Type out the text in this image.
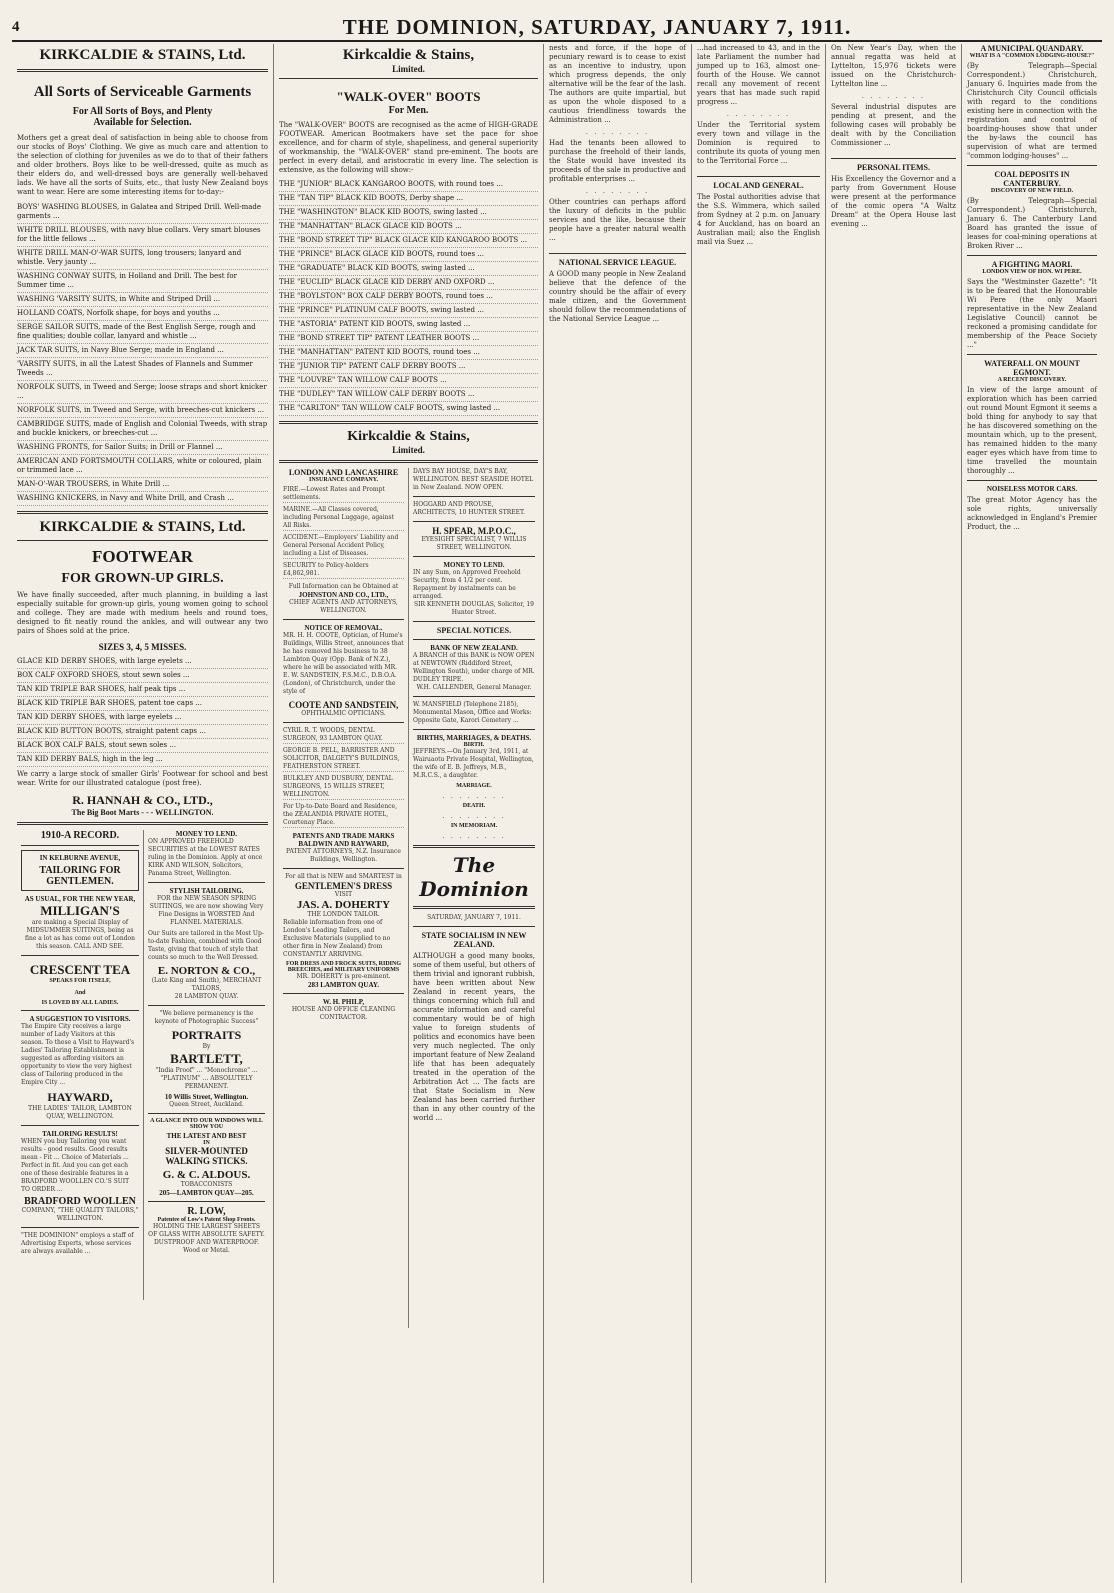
4	THE DOMINION, SATURDAY, JANUARY 7, 1911.
KIRKCALDIE & STAINS, Ltd.
All Sorts of Serviceable Garments
For All Sorts of Boys, and Plenty
Available for Selection.
Mothers get a great deal of satisfaction in being able to choose from our stocks of Boys' Clothing. We give as much care and attention to the selection of clothing for juveniles as we do to that of their fathers and older brothers. Boys like to be well-dressed, quite as much as their elders do, and well-dressed boys are generally well-behaved lads. We have all the sorts of Suits, etc., that lusty New Zealand boys want to wear. Here are some interesting items for to-day:-
BOYS' WASHING BLOUSES, in Galatea and Striped Drill. Well-made garments ...
WHITE DRILL BLOUSES, with navy blue collars. Very smart blouses for the little fellows ...
WHITE DRILL MAN-O'-WAR SUITS, long trousers; lanyard and whistle. Very jaunty ...
WASHING CONWAY SUITS, in Holland and Drill. The best for Summer time ...
WASHING 'VARSITY SUITS, in White and Striped Drill ...
HOLLAND COATS, Norfolk shape, for boys and youths ...
SERGE SAILOR SUITS, made of the Best English Serge, rough and fine qualities; double collar, lanyard and whistle ...
JACK TAR SUITS, in Navy Blue Serge; made in England ...
'VARSITY SUITS, in all the Latest Shades of Flannels and Summer Tweeds ...
NORFOLK SUITS, in Tweed and Serge; loose straps and short knicker ...
NORFOLK SUITS, in Tweed and Serge, with breeches-cut knickers ...
CAMBRIDGE SUITS, made of English and Colonial Tweeds, with strap and buckle knickers, or breeches-cut ...
WASHING FRONTS, for Sailor Suits; in Drill or Flannel ...
AMERICAN AND FORTSMOUTH COLLARS, white or coloured, plain or trimmed lace ...
MAN-O'-WAR TROUSERS, in White Drill ...
WASHING KNICKERS, in Navy and White Drill, and Crash ...
KIRKCALDIE & STAINS, Ltd.
FOOTWEAR
FOR GROWN-UP GIRLS.
We have finally succeeded, after much planning, in building a last especially suitable for grown-up girls, young women going to school and college. They are made with medium heels and round toes, designed to fit neatly round the ankles, and will outwear any two pairs of Shoes sold at the price.
SIZES 3, 4, 5 MISSES.
GLACE KID DERBY SHOES, with large eyelets ...
BOX CALF OXFORD SHOES, stout sewn soles ...
TAN KID TRIPLE BAR SHOES, half peak tips ...
BLACK KID TRIPLE BAR SHOES, patent toe caps ...
TAN KID DERBY SHOES, with large eyelets ...
BLACK KID BUTTON BOOTS, straight patent caps ...
BLACK BOX CALF BALS, stout sewn soles ...
TAN KID DERBY BALS, high in the leg ...
We carry a large stock of smaller Girls' Footwear for school and best wear. Write for our illustrated catalogue (post free).
R. HANNAH & CO., LTD.,
The Big Boot Marts - - - WELLINGTON.
1910-A RECORD.
IN KELBURNE AVENUE,
TAILORING FOR GENTLEMEN.
AS USUAL, FOR THE NEW YEAR,
MILLIGAN'S
are making a Special Display of MIDSUMMER SUITINGS, being as fine a lot as has come out of London this season. CALL AND SEE.
CRESCENT TEA
SPEAKS FOR ITSELF,
And
IS LOVED BY ALL LADIES.
A SUGGESTION TO VISITORS.
The Empire City receives a large number of Lady Visitors at this season. To these a Visit to Hayward's Ladies' Tailoring Establishment is suggested as affording visitors an opportunity to view the very highest class of Tailoring produced in the Empire City ...
HAYWARD,
THE LADIES' TAILOR, LAMBTON QUAY, WELLINGTON.
TAILORING RESULTS!
WHEN you buy Tailoring you want results - good results. Good results mean - Fit ... Choice of Materials ... Perfect in fit. And you can get each one of these desirable features in a BRADFORD WOOLLEN CO.'S SUIT TO ORDER ...
BRADFORD WOOLLEN
COMPANY, "THE QUALITY TAILORS," WELLINGTON.
"THE DOMINION" employs a staff of Advertising Experts, whose services are always available ...
MONEY TO LEND.
ON APPROVED FREEHOLD SECURITIES at the LOWEST RATES ruling in the Dominion. Apply at once KIRK AND WILSON, Solicitors, Panama Street, Wellington.
STYLISH TAILORING.
FOR the NEW SEASON SPRING SUITINGS, we are now showing Very Fine Designs in WORSTED And FLANNEL MATERIALS.
Our Suits are tailored in the Most Up-to-date Fashion, combined with Good Taste, giving that touch of style that counts so much to the Well Dressed.
E. NORTON & CO.,
(Late King and Smith), MERCHANT TAILORS,
28 LAMBTON QUAY.
"We believe permanency is the keynote of Photographic Success"
PORTRAITS
By
BARTLETT,
"India Proof" ... "Monochrome" ... "PLATINUM" ... ABSOLUTELY PERMANENT.
10 Willis Street, Wellington.
Queen Street, Auckland.
A GLANCE INTO OUR WINDOWS WILL SHOW YOU
THE LATEST AND BEST
IN
SILVER-MOUNTED WALKING STICKS.
G. & C. ALDOUS.
TOBACCONISTS
205—LAMBTON QUAY—205.
R. LOW,
Patentee of Low's Patent Shop Fronts.
HOLDING THE LARGEST SHEETS OF GLASS WITH ABSOLUTE SAFETY. DUSTPROOF AND WATERPROOF. Wood or Metal.
Kirkcaldie & Stains,
Limited.
"WALK-OVER" BOOTS
For Men.
The "WALK-OVER" BOOTS are recognised as the acme of HIGH-GRADE FOOTWEAR. American Bootmakers have set the pace for shoe excellence, and for charm of style, shapeliness, and general superiority of workmanship, the "WALK-OVER" stand pre-eminent. The boots are perfect in every detail, and aristocratic in every line. The selection is extensive, as the following will show:-
THE "JUNIOR" BLACK KANGAROO BOOTS, with round toes ...
THE "TAN TIP" BLACK KID BOOTS, Derby shape ...
THE "WASHINGTON" BLACK KID BOOTS, swing lasted ...
THE "MANHATTAN" BLACK GLACE KID BOOTS ...
THE "BOND STREET TIP" BLACK GLACE KID KANGAROO BOOTS ...
THE "PRINCE" BLACK GLACE KID BOOTS, round toes ...
THE "GRADUATE" BLACK KID BOOTS, swing lasted ...
THE "EUCLID" BLACK GLACE KID DERBY AND OXFORD ...
THE "BOYLSTON" BOX CALF DERBY BOOTS, round toes ...
THE "PRINCE" PLATINUM CALF BOOTS, swing lasted ...
THE "ASTORIA" PATENT KID BOOTS, swing lasted ...
THE "BOND STREET TIP" PATENT LEATHER BOOTS ...
THE "MANHATTAN" PATENT KID BOOTS, round toes ...
THE "JUNIOR TIP" PATENT CALF DERBY BOOTS ...
THE "LOUVRE" TAN WILLOW CALF BOOTS ...
THE "DUDLEY" TAN WILLOW CALF DERBY BOOTS ...
THE "CARLTON" TAN WILLOW CALF BOOTS, swing lasted ...
Kirkcaldie & Stains,
Limited.
LONDON AND LANCASHIRE
INSURANCE COMPANY.
FIRE.—Lowest Rates and Prompt settlements.
MARINE.—All Classes covered, including Personal Luggage, against All Risks.
ACCIDENT.—Employers' Liability and General Personal Accident Policy, including a List of Diseases.
SECURITY to Policy-holders £4,862,981.
Full Information can be Obtained at
JOHNSTON AND CO., LTD.,
CHIEF AGENTS AND ATTORNEYS, WELLINGTON.
NOTICE OF REMOVAL.
MR. H. H. COOTE, Optician, of Hume's Buildings, Willis Street, announces that he has removed his business to 38 Lambton Quay (Opp. Bank of N.Z.), where he will be associated with MR. E. W. SANDSTEIN, F.S.M.C., D.B.O.A. (London), of Christchurch, under the style of
COOTE AND SANDSTEIN,
OPHTHALMIC OPTICIANS.
CYRIL R. T. WOODS, DENTAL SURGEON, 93 LAMBTON QUAY.
GEORGE B. PELL, BARRISTER AND SOLICITOR, DALGETY'S BUILDINGS, FEATHERSTON STREET.
BULKLEY AND DUSBURY, DENTAL SURGEONS, 15 WILLIS STREET, WELLINGTON.
For Up-to-Date Board and Residence, the ZEALANDIA PRIVATE HOTEL, Courtenay Place.
PATENTS AND TRADE MARKS
BALDWIN AND RAYWARD,
PATENT ATTORNEYS, N.Z. Insurance Buildings, Wellington.
For all that is NEW and SMARTEST in
GENTLEMEN'S DRESS
VISIT
JAS. A. DOHERTY
THE LONDON TAILOR.
Reliable information from one of London's Leading Tailors, and Exclusive Materials (supplied to no other firm in New Zealand) from CONSTANTLY ARRIVING.
FOR DRESS AND FROCK SUITS, RIDING BREECHES, and MILITARY UNIFORMS
MR. DOHERTY is pre-eminent.
283 LAMBTON QUAY.
W. H. PHILP,
HOUSE AND OFFICE CLEANING CONTRACTOR.
DAYS BAY HOUSE, DAY'S BAY, WELLINGTON. BEST SEASIDE HOTEL in New Zealand. NOW OPEN.
HOGGARD AND PROUSE, ARCHITECTS, 10 HUNTER STREET.
H. SPEAR, M.P.O.C.,
EYESIGHT SPECIALIST, 7 WILLIS STREET, WELLINGTON.
MONEY TO LEND.
IN any Sum, on Approved Freehold Security, from 4 1/2 per cent. Repayment by instalments can be arranged.
SIR KENNETH DOUGLAS, Solicitor, 19 Hunter Street.
SPECIAL NOTICES.
BANK OF NEW ZEALAND.
A BRANCH of this BANK is NOW OPEN at NEWTOWN (Riddiford Street, Wellington South), under charge of MR. DUDLEY TRIPE.
W.H. CALLENDER, General Manager.
W. MANSFIELD (Telephone 2185), Monumental Mason, Office and Works: Opposite Gate, Karori Cemetery ...
BIRTHS, MARRIAGES, & DEATHS.
BIRTH.
JEFFREYS.—On January 3rd, 1911, at Wairuaotu Private Hospital, Wellington, the wife of E. B. Jeffreys, M.B., M.R.C.S., a daughter.
MARRIAGE.
. . . . . . . .
DEATH.
. . . . . . . .
IN MEMORIAM.
. . . . . . . .
The Dominion
SATURDAY, JANUARY 7, 1911.
STATE SOCIALISM IN NEW ZEALAND.
ALTHOUGH a good many books, some of them useful, but others of them trivial and ignorant rubbish, have been written about New Zealand in recent years, the things concerning which full and accurate information and careful commentary would be of high value to foreign students of politics and economics have been very much neglected. The only important feature of New Zealand life that has been adequately treated in the operation of the Arbitration Act ... The facts are that State Socialism in New Zealand has been carried further than in any other country of the world ...
nests and force, if the hope of pecuniary reward is to cease to exist as an incentive to industry, upon which progress depends, the only alternative will be the fear of the lash. The authors are quite impartial, but as upon the whole disposed to a cautious friendliness towards the Administration ...
. . . . . . . .
Had the tenants been allowed to purchase the freehold of their lands, the State would have invested its proceeds of the sale in productive and profitable enterprises ...
. . . . . . . .
Other countries can perhaps afford the luxury of deficits in the public services and the like, because their people have a greater natural wealth ...
NATIONAL SERVICE LEAGUE.
A GOOD many people in New Zealand believe that the defence of the country should be the affair of every male citizen, and the Government should follow the recommendations of the National Service League ...
...had increased to 43, and in the late Parliament the number had jumped up to 163, almost one-fourth of the House. We cannot recall any movement of recent years that has made such rapid progress ...
. . . . . . . .
Under the Territorial system every town and village in the Dominion is required to contribute its quota of young men to the Territorial Force ...
LOCAL AND GENERAL.
The Postal authorities advise that the S.S. Wimmera, which sailed from Sydney at 2 p.m. on January 4 for Auckland, has on board an Australian mail; also the English mail via Suez ...
On New Year's Day, when the annual regatta was held at Lyttelton, 15,976 tickets were issued on the Christchurch-Lyttelton line ...
. . . . . . . .
Several industrial disputes are pending at present, and the following cases will probably be dealt with by the Conciliation Commissioner ...
PERSONAL ITEMS.
His Excellency the Governor and a party from Government House were present at the performance of the comic opera "A Waltz Dream" at the Opera House last evening ...
A MUNICIPAL QUANDARY.
WHAT IS A "COMMON LODGING-HOUSE?"
(By Telegraph—Special Correspondent.) Christchurch, January 6. Inquiries made from the Christchurch City Council officials with regard to the conditions existing here in connection with the registration and control of boarding-houses show that under the by-laws the council has supervision of what are termed "common lodging-houses" ...
COAL DEPOSITS IN CANTERBURY.
DISCOVERY OF NEW FIELD.
(By Telegraph—Special Correspondent.) Christchurch, January 6. The Canterbury Land Board has granted the issue of leases for coal-mining operations at Broken River ...
A FIGHTING MAORI.
LONDON VIEW OF HON. WI PERE.
Says the "Westminster Gazette": "It is to be feared that the Honourable Wi Pere (the only Maori representative in the New Zealand Legislative Council) cannot be reckoned a promising candidate for membership of the Peace Society ..."
WATERFALL ON MOUNT EGMONT.
A RECENT DISCOVERY.
In view of the large amount of exploration which has been carried out round Mount Egmont it seems a bold thing for anybody to say that he has discovered something on the mountain which, up to the present, has remained hidden to the many eager eyes which have from time to time travelled the mountain thoroughly ...
NOISELESS MOTOR CARS.
The great Motor Agency has the sole rights, universally acknowledged in England's Premier Product, the ...
